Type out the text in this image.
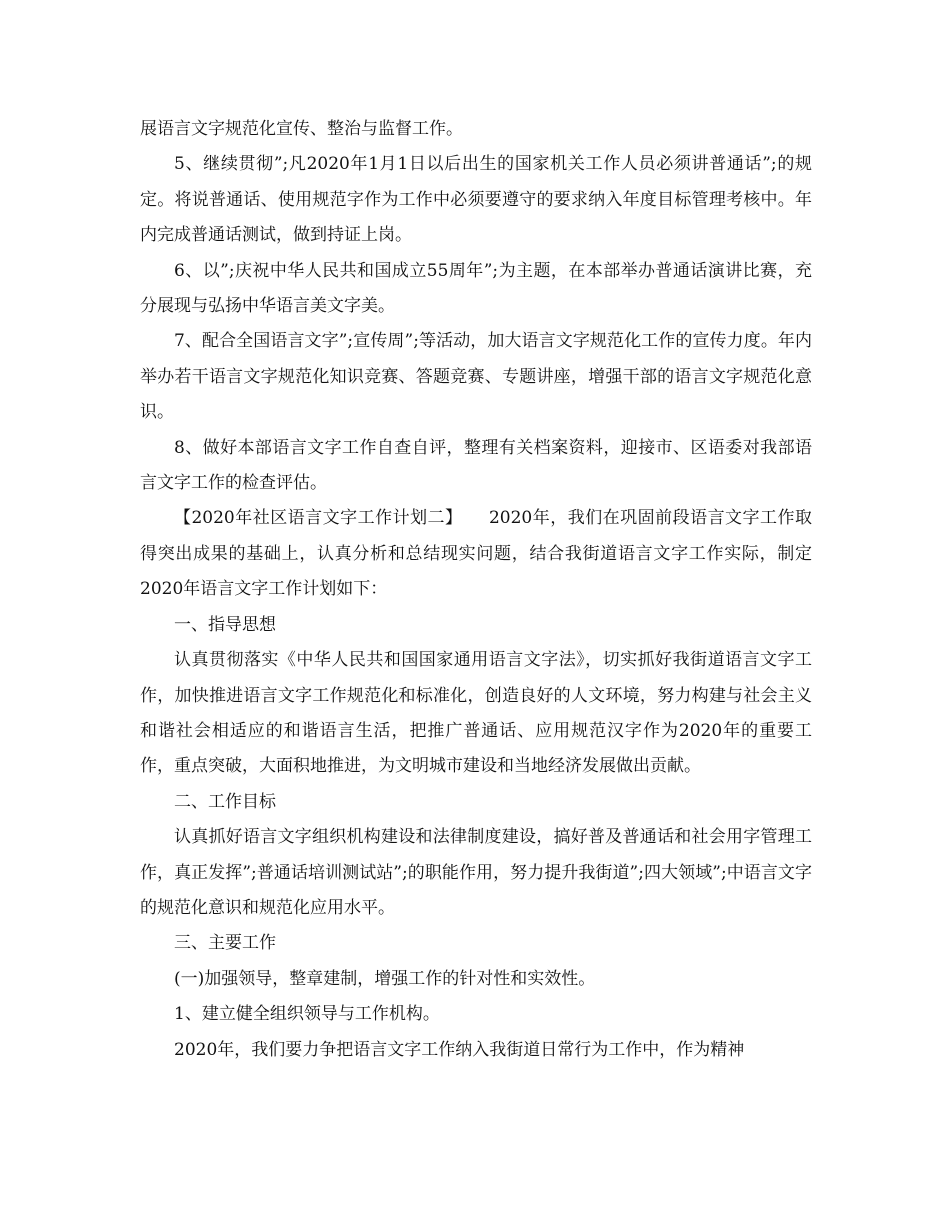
展语言文字规范化宣传、整治与监督工作。

5、继续贯彻”;凡2020年1月1日以后出生的国家机关工作人员必须讲普通话”;的规定。将说普通话、使用规范字作为工作中必须要遵守的要求纳入年度目标管理考核中。年内完成普通话测试，做到持证上岗。

6、以”;庆祝中华人民共和国成立55周年”;为主题，在本部举办普通话演讲比赛，充分展现与弘扬中华语言美文字美。

7、配合全国语言文字”;宣传周”;等活动，加大语言文字规范化工作的宣传力度。年内举办若干语言文字规范化知识竞赛、答题竞赛、专题讲座，增强干部的语言文字规范化意识。

8、做好本部语言文字工作自查自评，整理有关档案资料，迎接市、区语委对我部语言文字工作的检查评估。

【2020年社区语言文字工作计划二】　　2020年，我们在巩固前段语言文字工作取得突出成果的基础上，认真分析和总结现实问题，结合我街道语言文字工作实际，制定2020年语言文字工作计划如下：

一、指导思想

认真贯彻落实《中华人民共和国国家通用语言文字法》，切实抓好我街道语言文字工作，加快推进语言文字工作规范化和标准化，创造良好的人文环境，努力构建与社会主义和谐社会相适应的和谐语言生活，把推广普通话、应用规范汉字作为2020年的重要工作，重点突破，大面积地推进，为文明城市建设和当地经济发展做出贡献。

二、工作目标

认真抓好语言文字组织机构建设和法律制度建设，搞好普及普通话和社会用字管理工作，真正发挥”;普通话培训测试站”;的职能作用，努力提升我街道”;四大领域”;中语言文字的规范化意识和规范化应用水平。

三、主要工作

(一)加强领导，整章建制，增强工作的针对性和实效性。

1、建立健全组织领导与工作机构。

2020年，我们要力争把语言文字工作纳入我街道日常行为工作中，作为精神
